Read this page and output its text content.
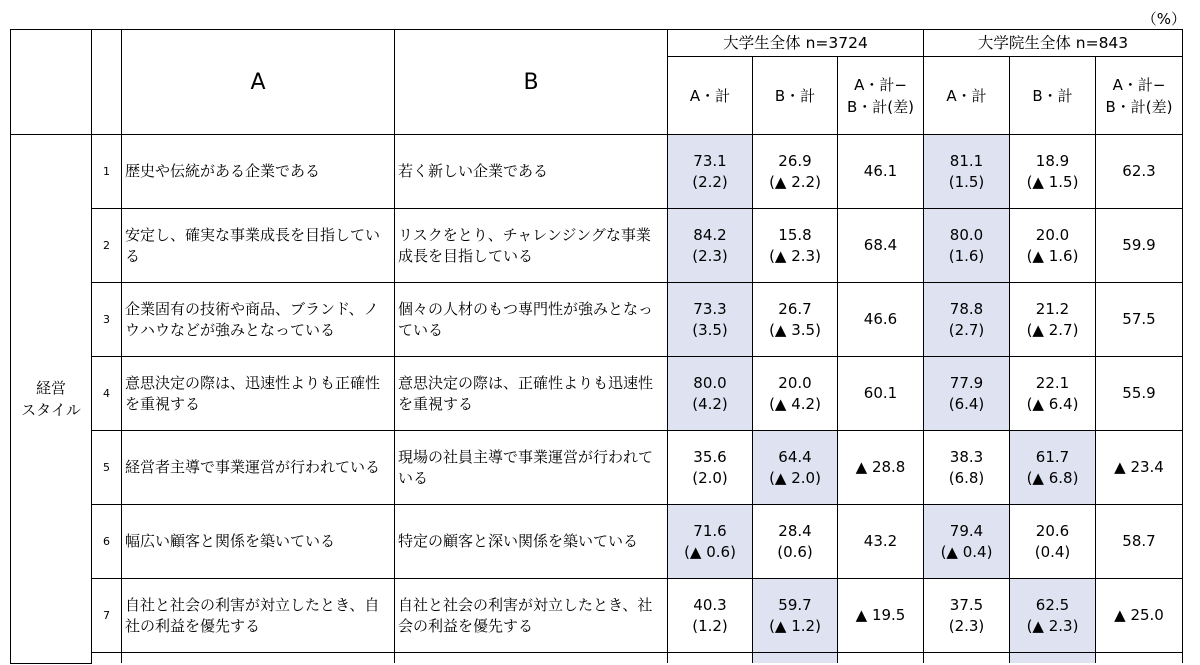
（%）
		A	B	大学生全体 n=3724			大学院生全体 n=843		
				A・計	B・計	A・計−
B・計(差)	A・計	B・計	A・計−
B・計(差)
経営
スタイル	1	歴史や伝統がある企業である	若く新しい企業である	73.1
(2.2)	26.9
(▲ 2.2)	46.1	81.1
(1.5)	18.9
(▲ 1.5)	62.3
	2	安定し、確実な事業成長を目指している	リスクをとり、チャレンジングな事業成長を目指している	84.2
(2.3)	15.8
(▲ 2.3)	68.4	80.0
(1.6)	20.0
(▲ 1.6)	59.9
	3	企業固有の技術や商品、ブランド、ノウハウなどが強みとなっている	個々の人材のもつ専門性が強みとなっている	73.3
(3.5)	26.7
(▲ 3.5)	46.6	78.8
(2.7)	21.2
(▲ 2.7)	57.5
	4	意思決定の際は、迅速性よりも正確性を重視する	意思決定の際は、正確性よりも迅速性を重視する	80.0
(4.2)	20.0
(▲ 4.2)	60.1	77.9
(6.4)	22.1
(▲ 6.4)	55.9
	5	経営者主導で事業運営が行われている	現場の社員主導で事業運営が行われている	35.6
(2.0)	64.4
(▲ 2.0)	▲ 28.8	38.3
(6.8)	61.7
(▲ 6.8)	▲ 23.4
	6	幅広い顧客と関係を築いている	特定の顧客と深い関係を築いている	71.6
(▲ 0.6)	28.4
(0.6)	43.2	79.4
(▲ 0.4)	20.6
(0.4)	58.7
	7	自社と社会の利害が対立したとき、自社の利益を優先する	自社と社会の利害が対立したとき、社会の利益を優先する	40.3
(1.2)	59.7
(▲ 1.2)	▲ 19.5	37.5
(2.3)	62.5
(▲ 2.3)	▲ 25.0
